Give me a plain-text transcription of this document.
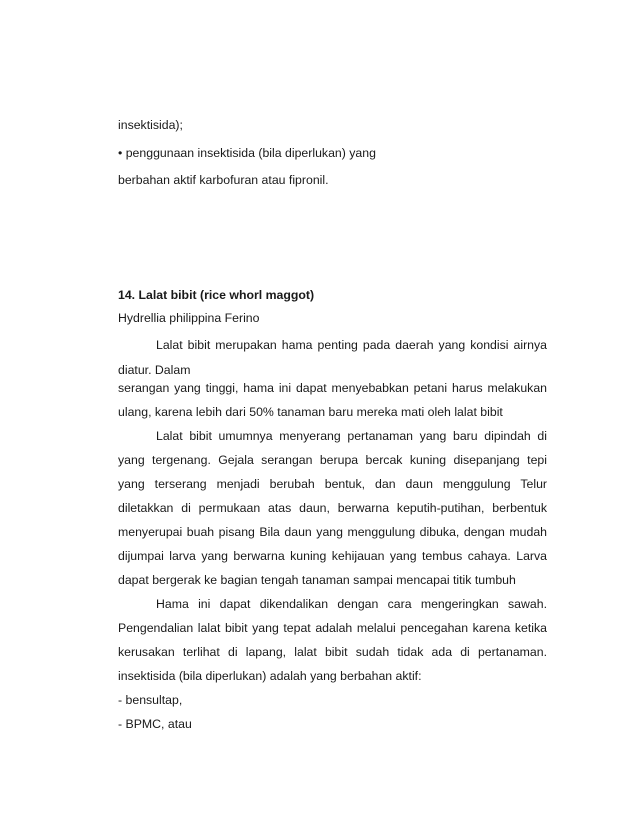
insektisida);
• penggunaan insektisida (bila diperlukan) yang
berbahan aktif karbofuran atau fipronil.
14. Lalat bibit (rice whorl maggot)
Hydrellia philippina Ferino
Lalat bibit merupakan hama penting pada daerah yang kondisi airnya
diatur. Dalam
serangan yang tinggi, hama ini dapat menyebabkan petani harus melakukan
ulang, karena lebih dari 50% tanaman baru mereka mati oleh lalat bibit
Lalat bibit umumnya menyerang pertanaman yang baru dipindah di
yang tergenang. Gejala serangan berupa bercak kuning disepanjang tepi
yang terserang menjadi berubah bentuk, dan daun menggulung Telur
diletakkan di permukaan atas daun, berwarna keputih-putihan, berbentuk
menyerupai buah pisang Bila daun yang menggulung dibuka, dengan mudah
dijumpai larva yang berwarna kuning kehijauan yang tembus cahaya. Larva
dapat bergerak ke bagian tengah tanaman sampai mencapai titik tumbuh
Hama ini dapat dikendalikan dengan cara mengeringkan sawah.
Pengendalian lalat bibit yang tepat adalah melalui pencegahan karena ketika
kerusakan terlihat di lapang, lalat bibit sudah tidak ada di pertanaman.
insektisida (bila diperlukan) adalah yang berbahan aktif:
- bensultap,
- BPMC, atau
